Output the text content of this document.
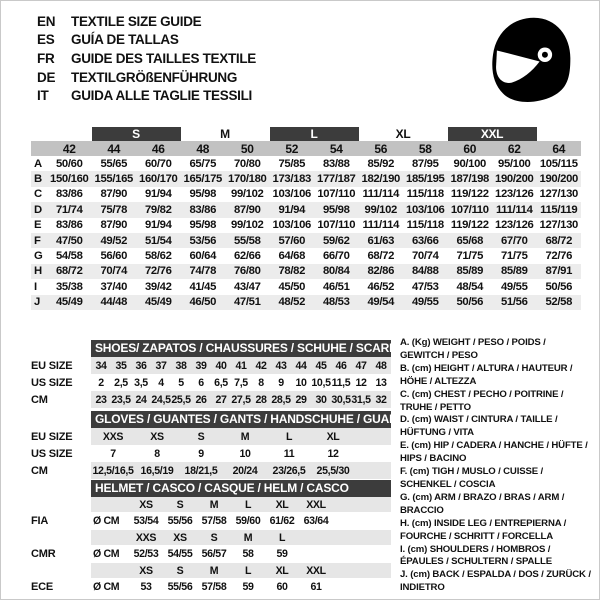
EN	TEXTILE SIZE GUIDE
ES	GUÍA DE TALLAS
FR	GUIDE DES TAILLES TEXTILE
DE	TEXTILGRÖßENFÜHRUNG
IT	GUIDA ALLE TAGLIE TESSILI
		S		M		L		XL		XXL		
	42	44	46	48	50	52	54	56	58	60	62	64
A	50/60	55/65	60/70	65/75	70/80	75/85	83/88	85/92	87/95	90/100	95/100	105/115
B	150/160	155/165	160/170	165/175	170/180	173/183	177/187	182/190	185/195	187/198	190/200	190/200
C	83/86	87/90	91/94	95/98	99/102	103/106	107/110	111/114	115/118	119/122	123/126	127/130
D	71/74	75/78	79/82	83/86	87/90	91/94	95/98	99/102	103/106	107/110	111/114	115/119
E	83/86	87/90	91/94	95/98	99/102	103/106	107/110	111/114	115/118	119/122	123/126	127/130
F	47/50	49/52	51/54	53/56	55/58	57/60	59/62	61/63	63/66	65/68	67/70	68/72
G	54/58	56/60	58/62	60/64	62/66	64/68	66/70	68/72	70/74	71/75	71/75	72/76
H	68/72	70/74	72/76	74/78	76/80	78/82	80/84	82/86	84/88	85/89	85/89	87/91
I	35/38	37/40	39/42	41/45	43/47	45/50	46/51	46/52	47/53	48/54	49/55	50/56
J	45/49	44/48	45/49	46/50	47/51	48/52	48/53	49/54	49/55	50/56	51/56	52/58
SHOES/ ZAPATOS / CHAUSSURES / SCHUHE / SCARPE
EU SIZE	34 35 36 37 38 39 40 41 42 43 44 45 46 47 48
US SIZE	2 2,5 3,5 4	5	6 6,5 7,5 8	9	10 10,5 11,5 12 13
CM	23 23,5 24 24,5 25,5 26 27 27,5 28 28,5 29 30 30,5 31,5 32
GLOVES / GUANTES / GANTS / HANDSCHUHE / GUANTI
EU SIZE	XXS	XS	S	M	L	XL
US SIZE	7	8	9	10	11	12
CM	12,5/16,5 16,5/19	18/21,5	20/24	23/26,5	25,5/30
HELMET / CASCO / CASQUE / HELM / CASCO
XS	S	M	L	XL	XXL
FIA	Ø CM	53/54 55/56 57/58 59/60 61/62 63/64
XXS	XS	S	M	L
CMR	Ø CM	52/53 54/55 56/57	58	59
XS	S	M	L	XL	XXL
ECE	Ø CM	53	55/56 57/58	59	60	61
A. (Kg) WEIGHT / PESO / POIDS / GEWITCH / PESO
B. (cm) HEIGHT / ALTURA / HAUTEUR / HÖHE / ALTEZZA
C. (cm) CHEST / PECHO / POITRINE / TRUHE / PETTO
D. (cm) WAIST / CINTURA / TAILLE / HÜFTUNG / VITA
E. (cm) HIP / CADERA / HANCHE / HÜFTE / HIPS / BACINO
F. (cm) TIGH / MUSLO / CUISSE / SCHENKEL / COSCIA
G. (cm) ARM / BRAZO / BRAS / ARM / BRACCIO
H. (cm) INSIDE LEG / ENTREPIERNA / FOURCHE / SCHRITT / FORCELLA
I. (cm) SHOULDERS / HOMBROS / ÉPAULES / SCHULTERN / SPALLE
J. (cm) BACK / ESPALDA / DOS / ZURÜCK / INDIETRO
